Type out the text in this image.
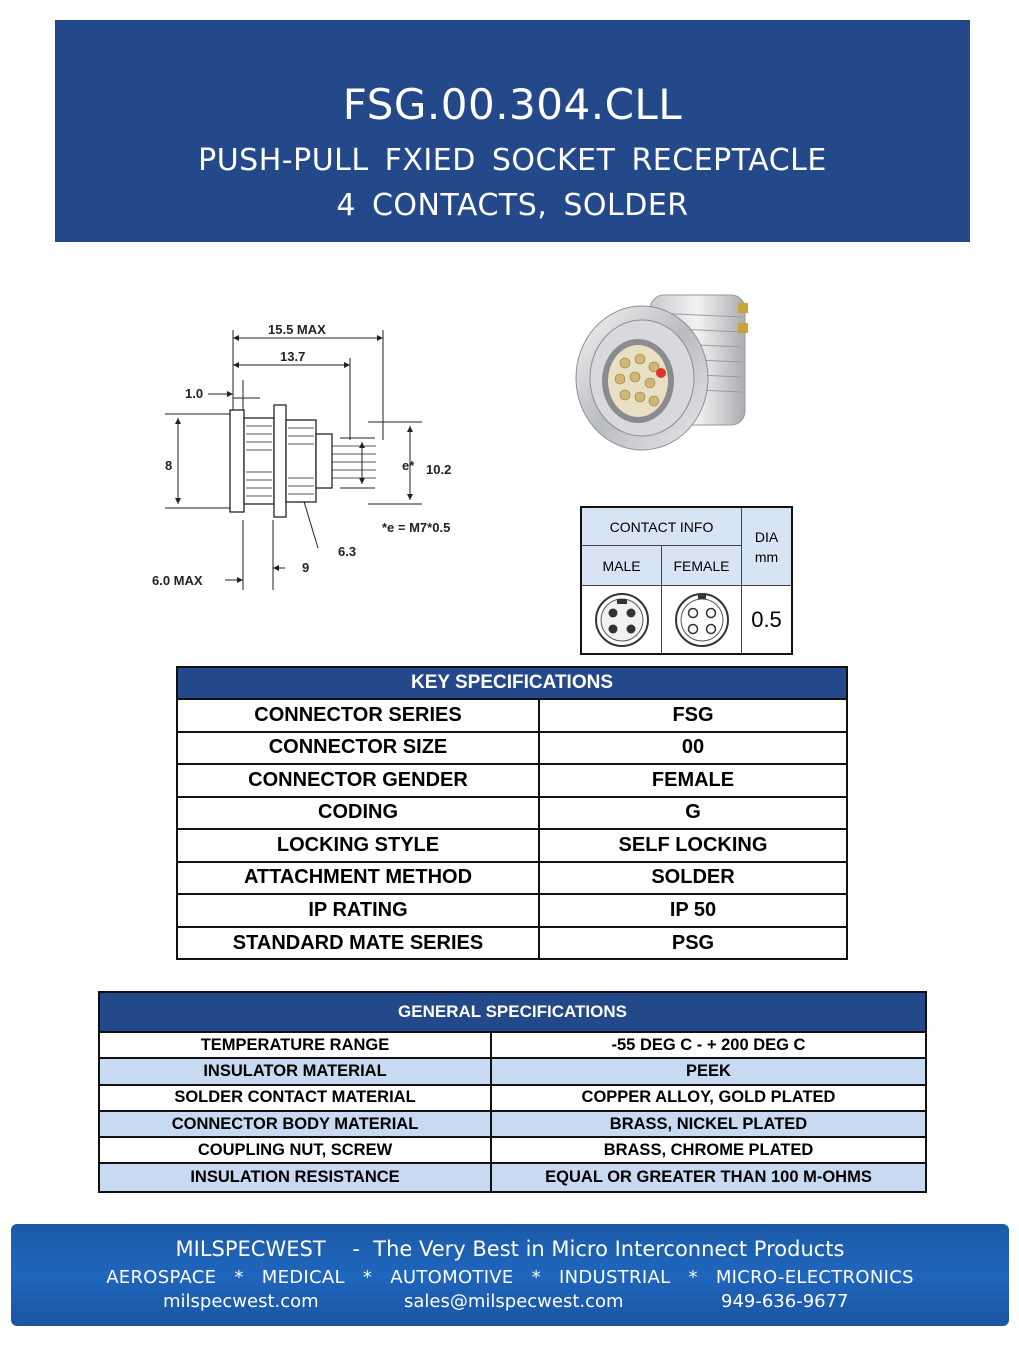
FSG.00.304.CLL
PUSH-PULL FXIED SOCKET RECEPTACLE
4 CONTACTS, SOLDER
15.5 MAX
13.7
1.0
8	e* 10.2
*e = M7*0.5
6.3
9
6.0 MAX
CONTACT INFO
MALE	FEMALE
DIA
mm
0.5
KEY SPECIFICATIONS
CONNECTOR SERIES	FSG
CONNECTOR SIZE	00
CONNECTOR GENDER	FEMALE
CODING	G
LOCKING STYLE	SELF LOCKING
ATTACHMENT METHOD	SOLDER
IP RATING	IP 50
STANDARD MATE SERIES	PSG
GENERAL SPECIFICATIONS
TEMPERATURE RANGE	-55 DEG C - + 200 DEG C
INSULATOR MATERIAL	PEEK
SOLDER CONTACT MATERIAL	COPPER ALLOY, GOLD PLATED
CONNECTOR BODY MATERIAL	BRASS, NICKEL PLATED
COUPLING NUT, SCREW	BRASS, CHROME PLATED
INSULATION RESISTANCE	EQUAL OR GREATER THAN 100 M-OHMS
MILSPECWEST    -  The Very Best in Micro Interconnect Products
AEROSPACE   *   MEDICAL   *   AUTOMOTIVE   *   INDUSTRIAL   *   MICRO-ELECTRONICS
milspecwest.com	sales@milspecwest.com	949-636-9677
